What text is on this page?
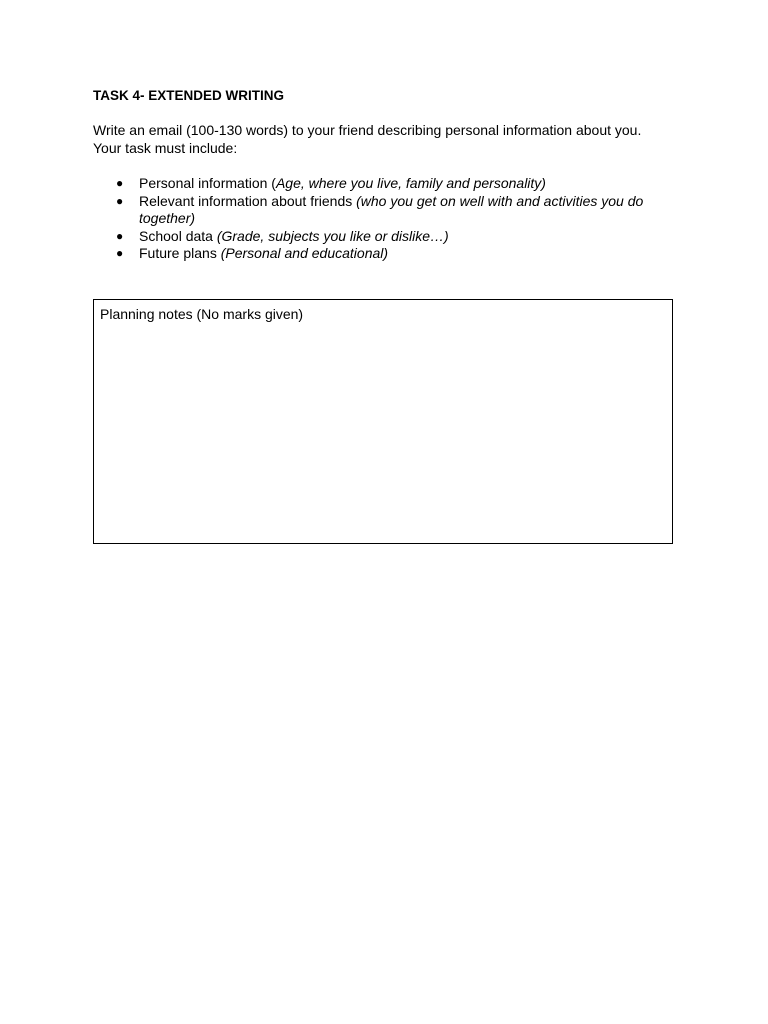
TASK 4- EXTENDED WRITING

Write an email (100-130 words) to your friend describing personal information about you.

Your task must include:

● Personal information (Age, where you live, family and personality)
● Relevant information about friends (who you get on well with and activities you do together)
● School data (Grade, subjects you like or dislike…)
● Future plans (Personal and educational)
Planning notes (No marks given)
